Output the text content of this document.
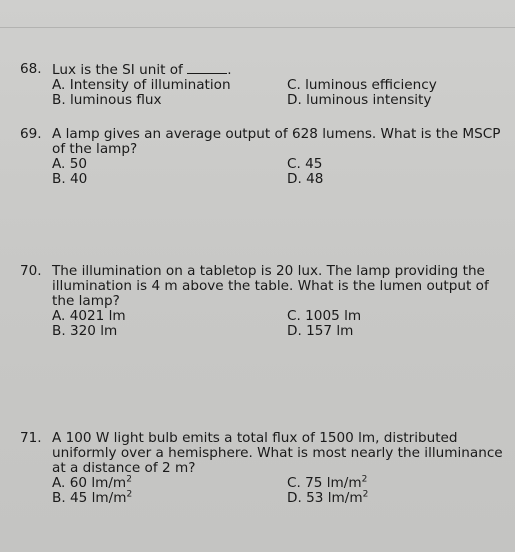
68. Lux is the SI unit of	.
A. Intensity of illumination	C. luminous efficiency
B. luminous flux	D. luminous intensity
69. A lamp gives an average output of 628 lumens. What is the MSCP of the lamp?
A. 50	C. 45
B. 40	D. 48
70. The illumination on a tabletop is 20 lux. The lamp providing the illumination is 4 m above the table. What is the lumen output of the lamp?
A. 4021 lm	C. 1005 lm
B. 320 lm	D. 157 lm
71. A 100 W light bulb emits a total flux of 1500 lm, distributed uniformly over a hemisphere. What is most nearly the illuminance at a distance of 2 m?
A. 60 $lm/m^2$	C. 75 $lm/m^2$
B. 45 $lm/m^2$	D. 53 $lm/m^2$
